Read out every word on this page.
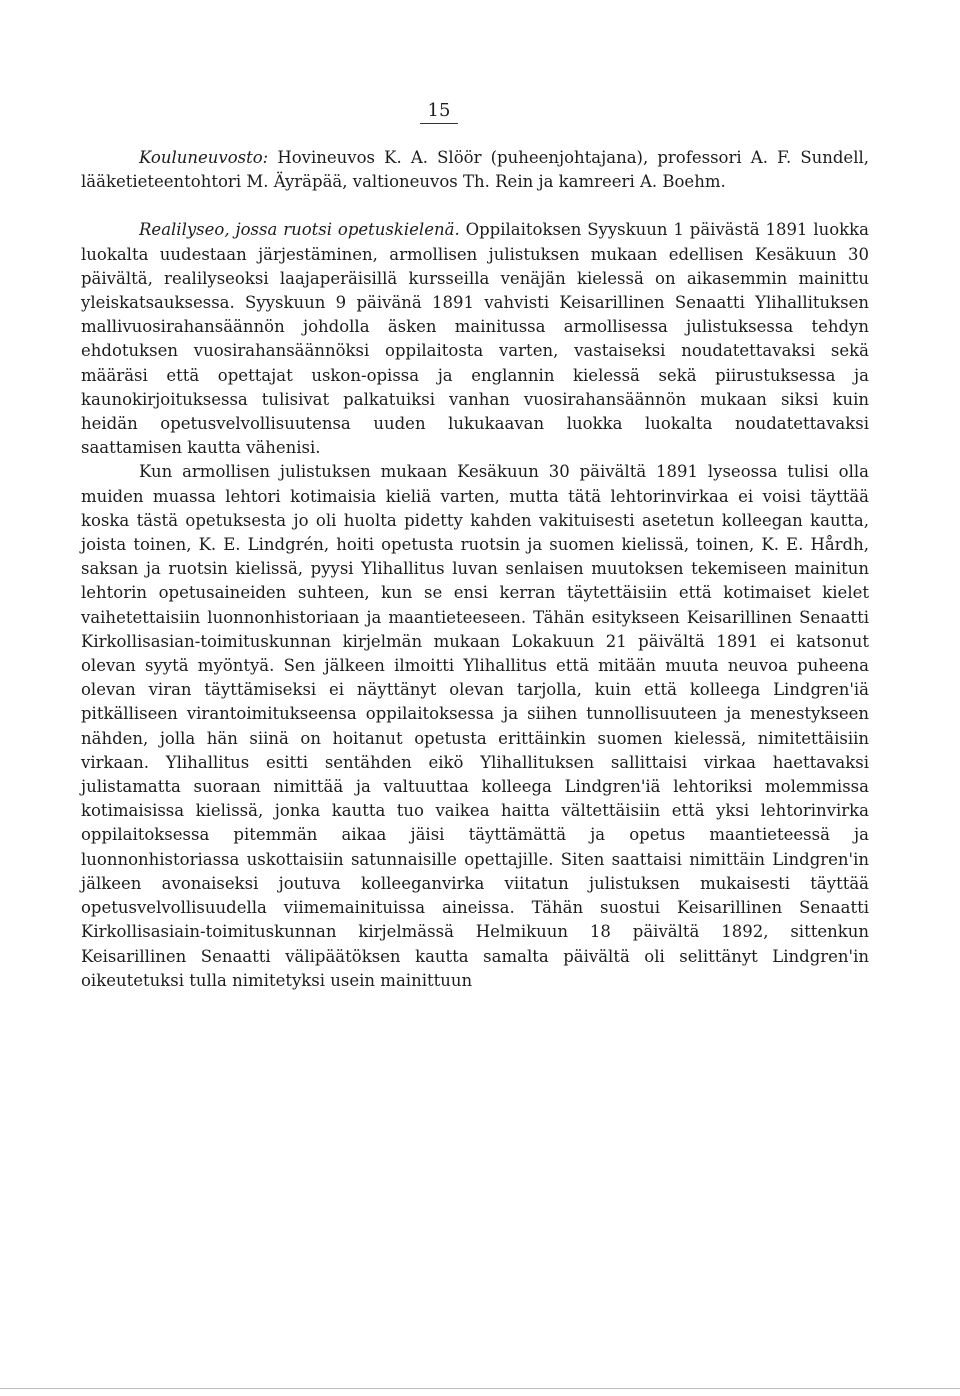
15

Kouluneuvosto: Hovineuvos K. A. Slöör (puheenjohtajana), professori A. F. Sundell, lääketieteentohtori M. Äyräpää, valtioneuvos Th. Rein ja kamreeri A. Boehm.

Realilyseo, jossa ruotsi opetuskielenä. Oppilaitoksen Syyskuun 1 päivästä 1891 luokka luokalta uudestaan järjestäminen, armollisen julistuksen mukaan edellisen Kesäkuun 30 päivältä, realilyseoksi laajaperäisillä kursseilla venäjän kielessä on aikasemmin mainittu yleiskatsauksessa. Syyskuun 9 päivänä 1891 vahvisti Keisarillinen Senaatti Ylihallituksen mallivuosirahansäännön johdolla äsken mainitussa armollisessa julistuksessa tehdyn ehdotuksen vuosirahansäännöksi oppilaitosta varten, vastaiseksi noudatettavaksi sekä määräsi että opettajat uskon-opissa ja englannin kielessä sekä piirustuksessa ja kaunokirjoituksessa tulisivat palkatuiksi vanhan vuosirahansäännön mukaan siksi kuin heidän opetusvelvollisuutensa uuden lukukaavan luokka luokalta noudatettavaksi saattamisen kautta vähenisi.

Kun armollisen julistuksen mukaan Kesäkuun 30 päivältä 1891 lyseossa tulisi olla muiden muassa lehtori kotimaisia kieliä varten, mutta tätä lehtorinvirkaa ei voisi täyttää koska tästä opetuksesta jo oli huolta pidetty kahden vakituisesti asetetun kolleegan kautta, joista toinen, K. E. Lindgrén, hoiti opetusta ruotsin ja suomen kielissä, toinen, K. E. Hårdh, saksan ja ruotsin kielissä, pyysi Ylihallitus luvan senlaisen muutoksen tekemiseen mainitun lehtorin opetusaineiden suhteen, kun se ensi kerran täytettäisiin että kotimaiset kielet vaihetettaisiin luonnonhistoriaan ja maantieteeseen. Tähän esitykseen Keisarillinen Senaatti Kirkollisasian-toimituskunnan kirjelmän mukaan Lokakuun 21 päivältä 1891 ei katsonut olevan syytä myöntyä. Sen jälkeen ilmoitti Ylihallitus että mitään muuta neuvoa puheena olevan viran täyttämiseksi ei näyttänyt olevan tarjolla, kuin että kolleega Lindgren'iä pitkälliseen virantoimitukseensa oppilaitoksessa ja siihen tunnollisuuteen ja menestykseen nähden, jolla hän siinä on hoitanut opetusta erittäinkin suomen kielessä, nimitettäisiin virkaan. Ylihallitus esitti sentähden eikö Ylihallituksen sallittaisi virkaa haettavaksi julistamatta suoraan nimittää ja valtuuttaa kolleega Lindgren'iä lehtoriksi molemmissa kotimaisissa kielissä, jonka kautta tuo vaikea haitta vältettäisiin että yksi lehtorinvirka oppilaitoksessa pitemmän aikaa jäisi täyttämättä ja opetus maantieteessä ja luonnonhistoriassa uskottaisiin satunnaisille opettajille. Siten saattaisi nimittäin Lindgren'in jälkeen avonaiseksi joutuva kolleeganvirka viitatun julistuksen mukaisesti täyttää opetusvelvollisuudella viimemainituissa aineissa. Tähän suostui Keisarillinen Senaatti Kirkollisasiain-toimituskunnan kirjelmässä Helmikuun 18 päivältä 1892, sittenkun Keisarillinen Senaatti välipäätöksen kautta samalta päivältä oli selittänyt Lindgren'in oikeutetuksi tulla nimitetyksi usein mainittuun
